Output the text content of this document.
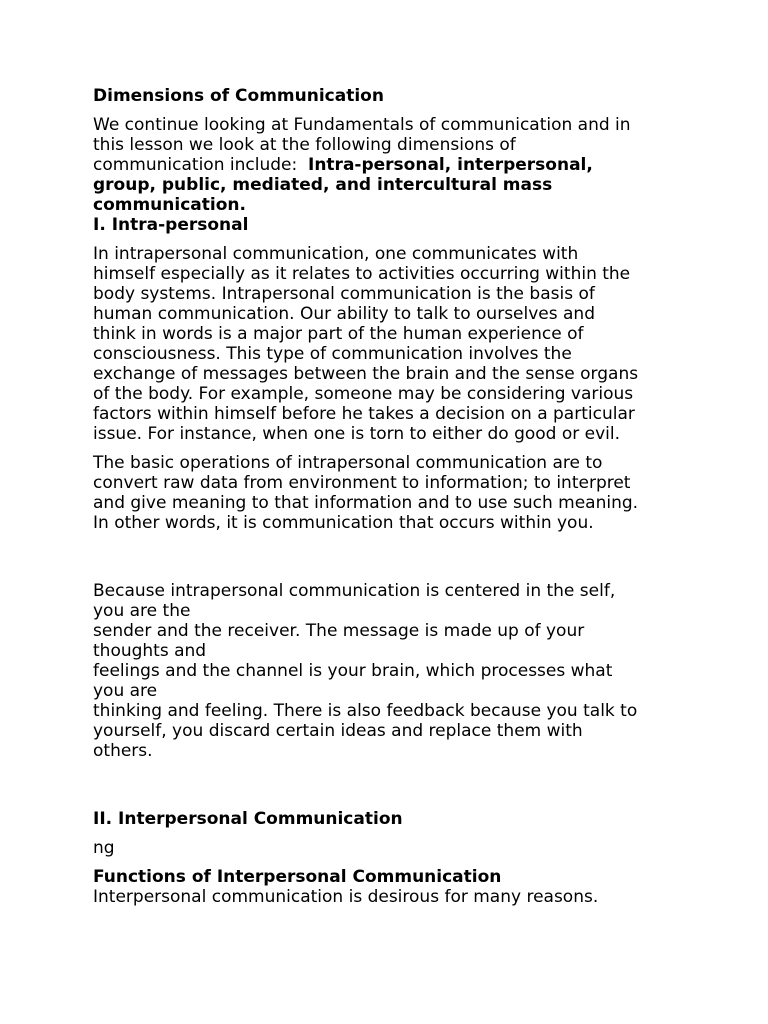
Dimensions of Communication
We continue looking at Fundamentals of communication and in
this lesson we look at the following dimensions of
communication include:  Intra-personal, interpersonal,
group, public, mediated, and intercultural mass
communication.
I. Intra-personal
In intrapersonal communication, one communicates with
himself especially as it relates to activities occurring within the
body systems. Intrapersonal communication is the basis of
human communication. Our ability to talk to ourselves and
think in words is a major part of the human experience of
consciousness. This type of communication involves the
exchange of messages between the brain and the sense organs
of the body. For example, someone may be considering various
factors within himself before he takes a decision on a particular
issue. For instance, when one is torn to either do good or evil.
The basic operations of intrapersonal communication are to
convert raw data from environment to information; to interpret
and give meaning to that information and to use such meaning.
In other words, it is communication that occurs within you.
Because intrapersonal communication is centered in the self,
you are the
sender and the receiver. The message is made up of your
thoughts and
feelings and the channel is your brain, which processes what
you are
thinking and feeling. There is also feedback because you talk to
yourself, you discard certain ideas and replace them with
others.
II. Interpersonal Communication
ng
Functions of Interpersonal Communication
Interpersonal communication is desirous for many reasons.
